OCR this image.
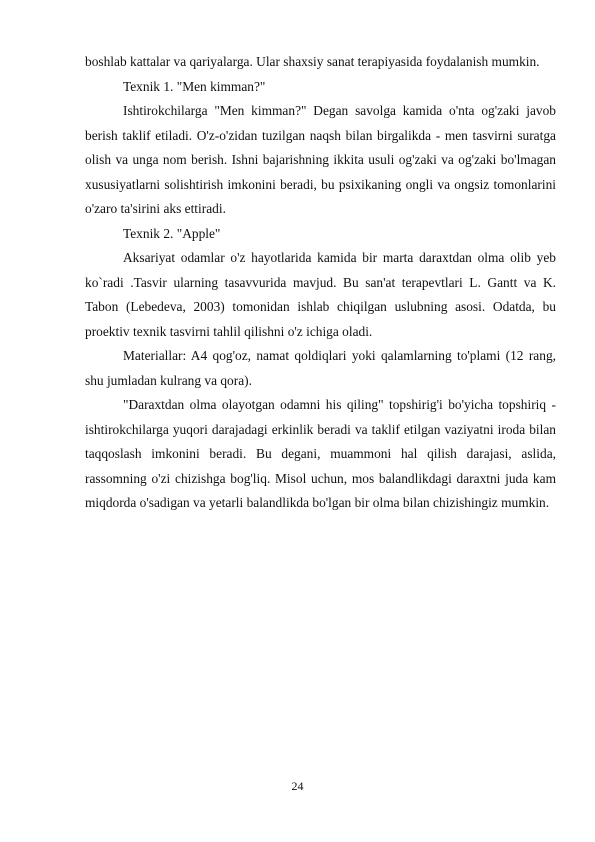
boshlab kattalar va qariyalarga. Ular shaxsiy sanat terapiyasida foydalanish mumkin.

Texnik 1. "Men kimman?"

Ishtirokchilarga "Men kimman?" Degan savolga kamida o'nta og'zaki javob berish taklif etiladi. O'z-o'zidan tuzilgan naqsh bilan birgalikda - men tasvirni suratga olish va unga nom berish. Ishni bajarishning ikkita usuli og'zaki va og'zaki bo'lmagan xususiyatlarni solishtirish imkonini beradi, bu psixikaning ongli va ongsiz tomonlarini o'zaro ta'sirini aks ettiradi.

Texnik 2. "Apple"

Aksariyat odamlar o'z hayotlarida kamida bir marta daraxtdan olma olib yeb ko`radi .Tasvir ularning tasavvurida mavjud. Bu san'at terapevtlari L. Gantt va K. Tabon (Lebedeva, 2003) tomonidan ishlab chiqilgan uslubning asosi. Odatda, bu proektiv texnik tasvirni tahlil qilishni o'z ichiga oladi.

Materiallar: A4 qog'oz, namat qoldiqlari yoki qalamlarning to'plami (12 rang, shu jumladan kulrang va qora).

"Daraxtdan olma olayotgan odamni his qiling" topshirig'i bo'yicha topshiriq - ishtirokchilarga yuqori darajadagi erkinlik beradi va taklif etilgan vaziyatni iroda bilan taqqoslash imkonini beradi. Bu degani, muammoni hal qilish darajasi, aslida, rassomning o'zi chizishga bog'liq. Misol uchun, mos balandlikdagi daraxtni juda kam miqdorda o'sadigan va yetarli balandlikda bo'lgan bir olma bilan chizishingiz mumkin.

24
